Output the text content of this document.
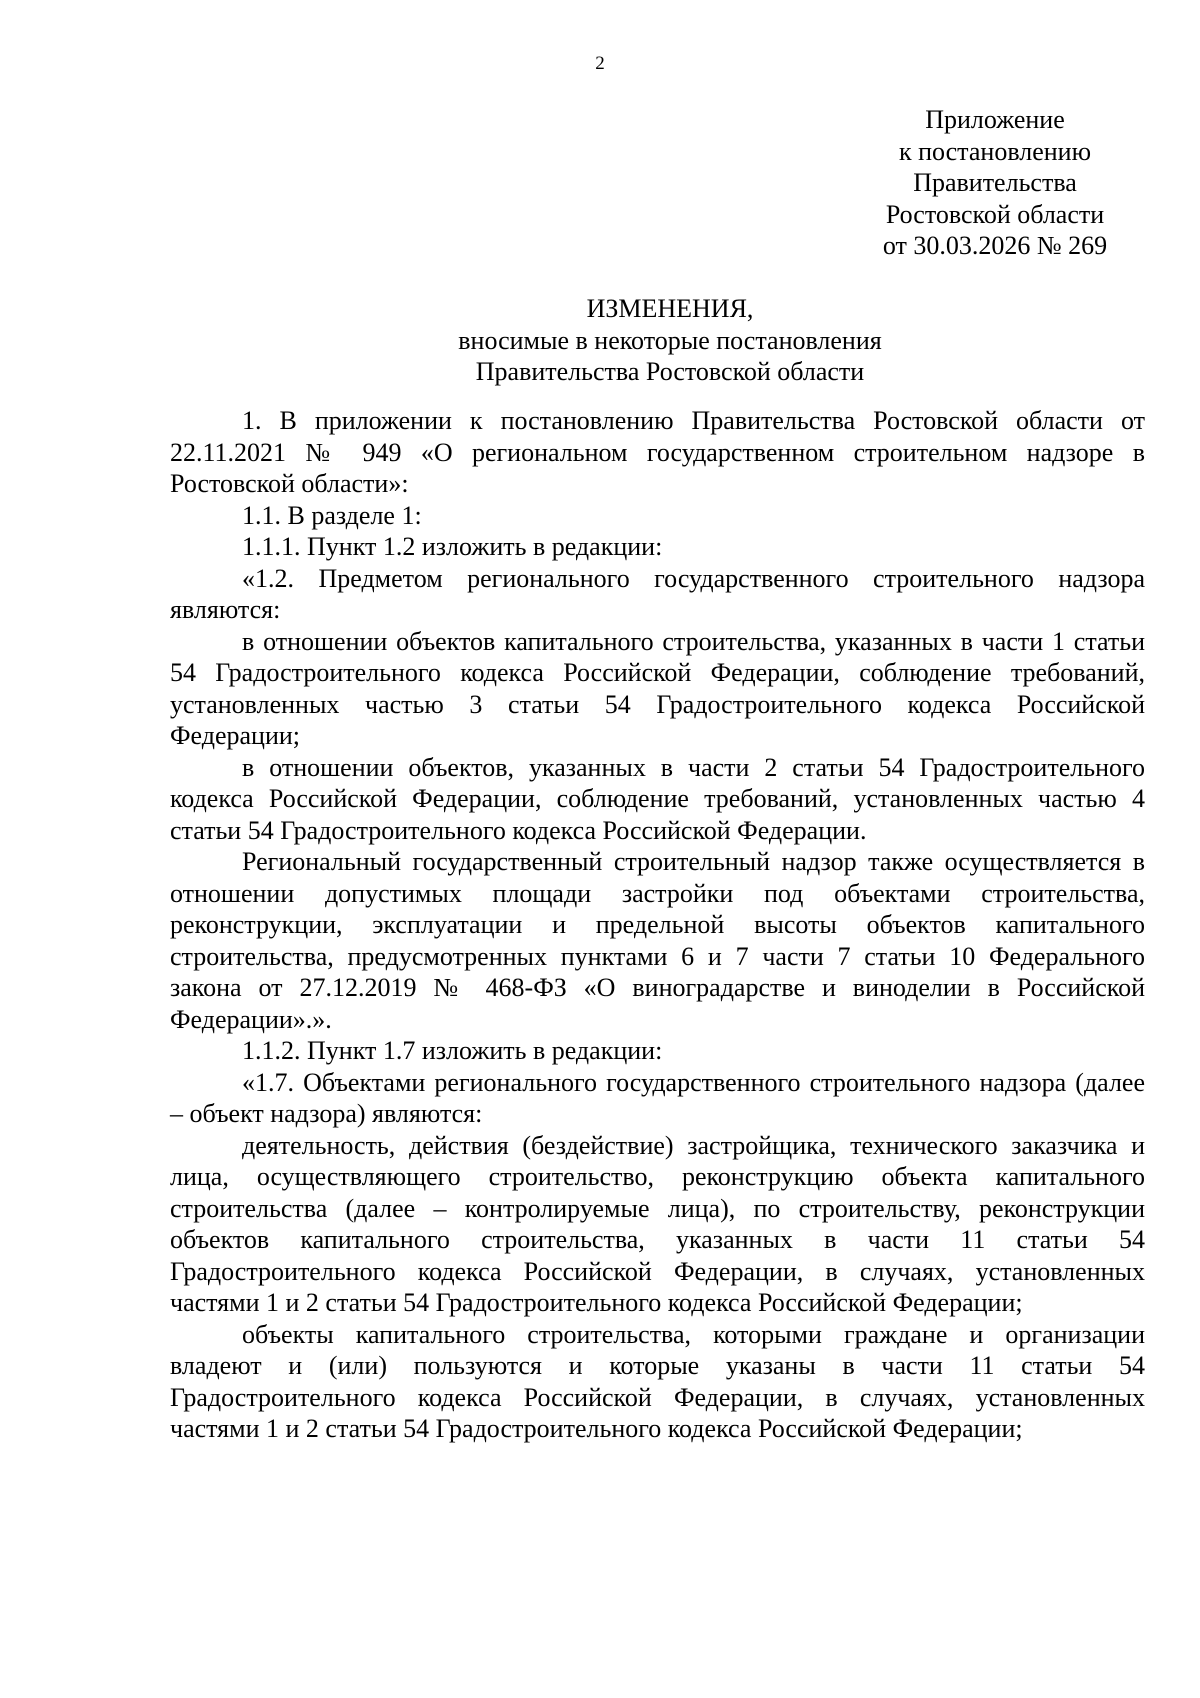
2
Приложение
к постановлению
Правительства
Ростовской области
от 30.03.2026 № 269
ИЗМЕНЕНИЯ,
вносимые в некоторые постановления
Правительства Ростовской области

1. В приложении к постановлению Правительства Ростовской области от 22.11.2021 № 949 «О региональном государственном строительном надзоре в Ростовской области»:

1.1. В разделе 1:

1.1.1. Пункт 1.2 изложить в редакции:

«1.2. Предметом регионального государственного строительного надзора являются:

в отношении объектов капитального строительства, указанных в части 1 статьи 54 Градостроительного кодекса Российской Федерации, соблюдение требований, установленных частью 3 статьи 54 Градостроительного кодекса Российской Федерации;

в отношении объектов, указанных в части 2 статьи 54 Градостроительного кодекса Российской Федерации, соблюдение требований, установленных частью 4 статьи 54 Градостроительного кодекса Российской Федерации.

Региональный государственный строительный надзор также осуществляется в отношении допустимых площади застройки под объектами строительства, реконструкции, эксплуатации и предельной высоты объектов капитального строительства, предусмотренных пунктами 6 и 7 части 7 статьи 10 Федерального закона от 27.12.2019 № 468-ФЗ «О виноградарстве и виноделии в Российской Федерации».».

1.1.2. Пункт 1.7 изложить в редакции:

«1.7. Объектами регионального государственного строительного надзора (далее – объект надзора) являются:

деятельность, действия (бездействие) застройщика, технического заказчика и лица, осуществляющего строительство, реконструкцию объекта капитального строительства (далее – контролируемые лица), по строительству, реконструкции объектов капитального строительства, указанных в части 11 статьи 54 Градостроительного кодекса Российской Федерации, в случаях, установленных частями 1 и 2 статьи 54 Градостроительного кодекса Российской Федерации;

объекты капитального строительства, которыми граждане и организации владеют и (или) пользуются и которые указаны в части 11 статьи 54 Градостроительного кодекса Российской Федерации, в случаях, установленных частями 1 и 2 статьи 54 Градостроительного кодекса Российской Федерации;
